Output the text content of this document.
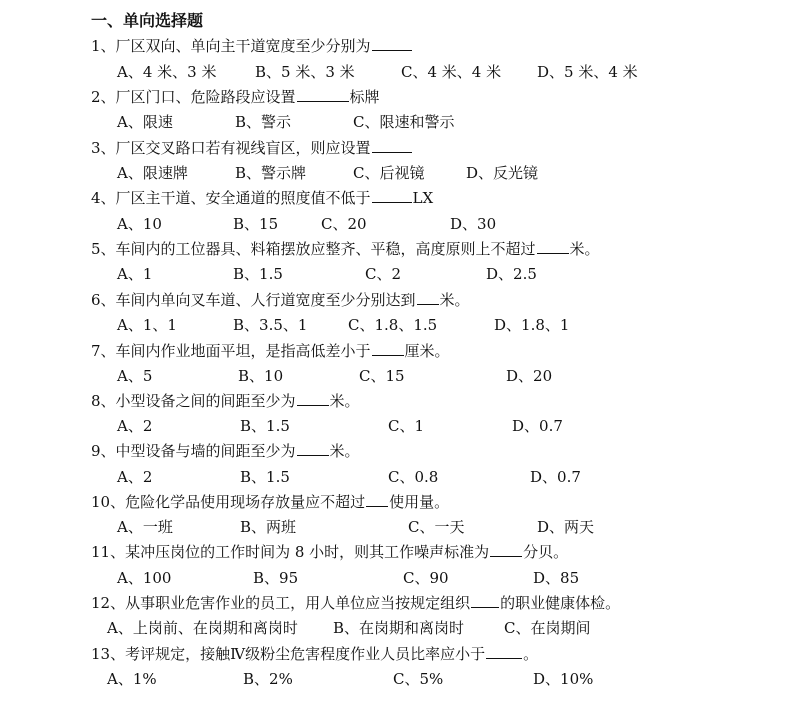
一、单向选择题
1、厂区双向、单向主干道宽度至少分别为
A、4 米、3 米	B、5 米、3 米	C、4 米、4 米 D、5 米、4 米
2、厂区门口、危险路段应设置	标牌
A、限速	B、警示	C、限速和警示
3、厂区交叉路口若有视线盲区，则应设置
A、限速牌	B、警示牌	C、后视镜	D、反光镜
4、厂区主干道、安全通道的照度值不低于	LX
A、10	B、15	C、20	D、30
5、车间内的工位器具、料箱摆放应整齐、平稳，高度原则上不超过 米。
A、1	B、1.5	C、2	D、2.5
6、车间内单向叉车道、人行道宽度至少分别达到 米。
A、1、1	B、3.5、1	C、1.8、1.5	D、1.8、1
7、车间内作业地面平坦，是指高低差小于 厘米。
A、5	B、10	C、15	D、20
8、小型设备之间的间距至少为 米。
A、2	B、1.5	C、1	D、0.7
9、中型设备与墙的间距至少为 米。
A、2	B、1.5	C、0.8	D、0.7
10、危险化学品使用现场存放量应不超过 使用量。
A、一班	B、两班	C、一天	D、两天
11、某冲压岗位的工作时间为 8 小时，则其工作噪声标准为 分贝。
A、100	B、95	C、90	D、85
12、从事职业危害作业的员工，用人单位应当按规定组织 的职业健康体检。
A、上岗前、在岗期和离岗时 B、在岗期和离岗时	C、在岗期间
13、考评规定，接触Ⅳ级粉尘危害程度作业人员比率应小于	。
A、1%	B、2%	C、5%	D、10%
